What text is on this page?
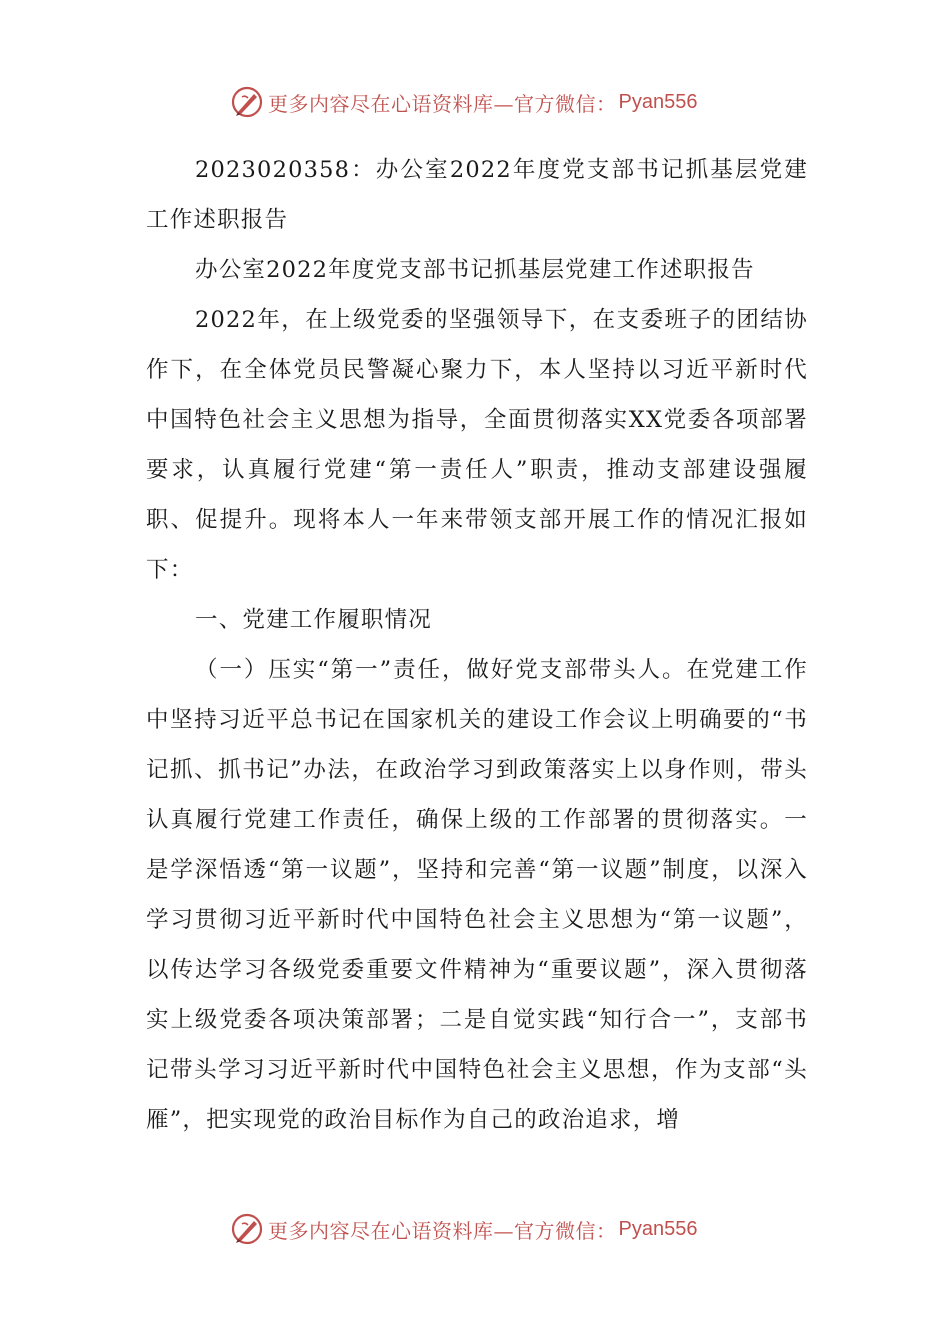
更多内容尽在心语资料库—官方微信： Pyan556

2023020358：办公室2022年度党支部书记抓基层党建工作述职报告

办公室2022年度党支部书记抓基层党建工作述职报告

2022年，在上级党委的坚强领导下，在支委班子的团结协作下，在全体党员民警凝心聚力下，本人坚持以习近平新时代中国特色社会主义思想为指导，全面贯彻落实XX党委各项部署要求，认真履行党建“第一责任人”职责，推动支部建设强履职、促提升。现将本人一年来带领支部开展工作的情况汇报如下：

一、党建工作履职情况

（一）压实“第一”责任，做好党支部带头人。在党建工作中坚持习近平总书记在国家机关的建设工作会议上明确要的“书记抓、抓书记”办法，在政治学习到政策落实上以身作则，带头认真履行党建工作责任，确保上级的工作部署的贯彻落实。一是学深悟透“第一议题”，坚持和完善“第一议题”制度，以深入学习贯彻习近平新时代中国特色社会主义思想为“第一议题”，以传达学习各级党委重要文件精神为“重要议题”，深入贯彻落实上级党委各项决策部署；二是自觉实践“知行合一”，支部书记带头学习习近平新时代中国特色社会主义思想，作为支部“头雁”，把实现党的政治目标作为自己的政治追求，增

更多内容尽在心语资料库—官方微信： Pyan556
